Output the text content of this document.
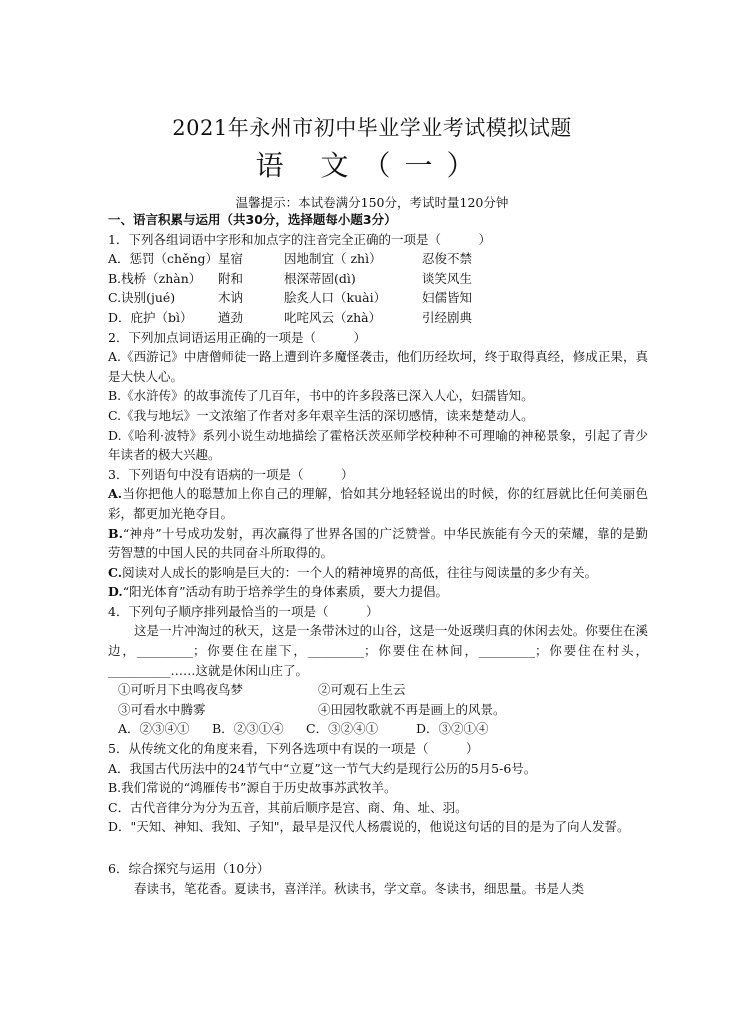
2021年永州市初中毕业学业考试模拟试题
语 文（一）
温馨提示：本试卷满分150分，考试时量120分钟
一、语言积累与运用（共30分，选择题每小题3分）
1．下列各组词语中字形和加点字的注音完全正确的一项是（　　　）
A．惩罚（chěng） 星宿	因地制宜（ zhì）	忍俊不禁
B.栈桥（zhàn）	附和	根深蒂固(dì)	谈笑风生
C.诀别(jué)	木讷	脍炙人口（kuài）	妇儒皆知
D．庇护（bì）	遒劲	叱咤风云（zhà）	引经剧典
2．下列加点词语运用正确的一项是（　　　）
A.《西游记》中唐僧师徒一路上遭到许多魔怪袭击，他们历经坎坷，终于取得真经，修成正果，真是大快人心。
B.《水浒传》的故事流传了几百年，书中的许多段落已深入人心，妇孺皆知。
C.《我与地坛》一文浓缩了作者对多年艰辛生活的深切感情，读来楚楚动人。
D.《哈利·波特》系列小说生动地描绘了霍格沃茨巫师学校种种不可理喻的神秘景象，引起了青少年读者的极大兴趣。
3．下列语句中没有语病的一项是（　　　）
A.当你把他人的聪慧加上你自己的理解，恰如其分地轻轻说出的时候，你的红唇就比任何美丽色彩，都更加光艳夺目。
B.“神舟”十号成功发射，再次赢得了世界各国的广泛赞誉。中华民族能有今天的荣耀，靠的是勤劳智慧的中国人民的共同奋斗所取得的。
C.阅读对人成长的影响是巨大的：一个人的精神境界的高低，往往与阅读量的多少有关。
D.“阳光体育”活动有助于培养学生的身体素质，要大力提倡。
4．下列句子顺序排列最恰当的一项是（　　　）
这是一片冲淘过的秋天，这是一条带沐过的山谷，这是一处返璞归真的休闲去处。你要住在溪边，_________；你要住在崖下，_________；你要住在林间，_________；你要住在村头，__________……这就是休闲山庄了。
①可听月下虫鸣夜鸟梦	②可观石上生云
③可看水中腾雾	④田园牧歌就不再是画上的风景。
A．②③④①	B．②③①④	C．③②④①	D．③②①④
5．从传统文化的角度来看，下列各选项中有误的一项是（　　　）
A．我国古代历法中的24节气中“立夏”这一节气大约是现行公历的5月5-6号。
B.我们常说的“鸿雁传书”源自于历史故事苏武牧羊。
C．古代音律分为分为五音，其前后顺序是宫、商、角、址、羽。
D．"天知、神知、我知、子知"，最早是汉代人杨震说的，他说这句话的目的是为了向人发誓。
6．综合探究与运用（10分）
春读书，笔花香。夏读书，喜洋洋。秋读书，学文章。冬读书，细思量。书是人类
